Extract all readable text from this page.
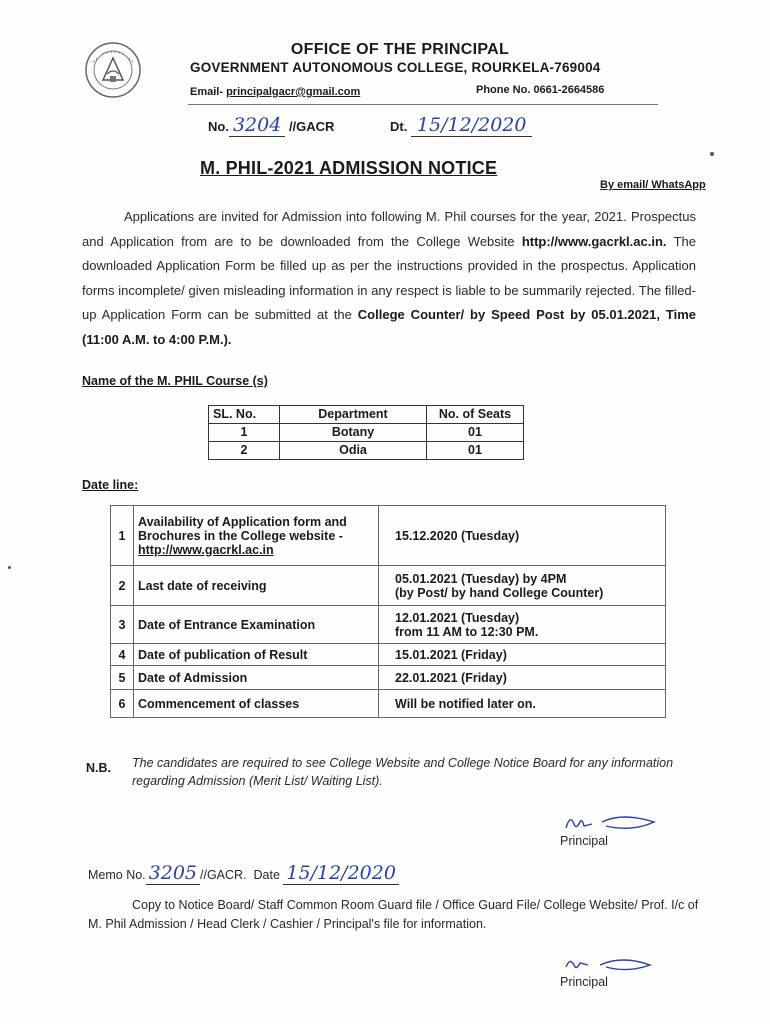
OFFICE OF THE PRINCIPAL
GOVERNMENT AUTONOMOUS COLLEGE, ROURKELA-769004
Email- principalgacr@gmail.com	Phone No. 0661-2664586
No. 3204 //GACR	Dt. 15/12/2020
M. PHIL-2021 ADMISSION NOTICE
By email/ WhatsApp
Applications are invited for Admission into following M. Phil courses for the year, 2021. Prospectus and Application from are to be downloaded from the College Website http://www.gacrkl.ac.in. The downloaded Application Form be filled up as per the instructions provided in the prospectus. Application forms incomplete/ given misleading information in any respect is liable to be summarily rejected. The filled-up Application Form can be submitted at the College Counter/ by Speed Post by 05.01.2021, Time (11:00 A.M. to 4:00 P.M.).
Name of the M. PHIL Course (s)
SL. No.	Department	No. of Seats
1	Botany	01
2	Odia	01
Date line:
1	Availability of Application form and Brochures in the College website -
http://www.gacrkl.ac.in	15.12.2020 (Tuesday)
2	Last date of receiving	05.01.2021 (Tuesday) by 4PM
(by Post/ by hand College Counter)
3	Date of Entrance Examination	12.01.2021 (Tuesday)
from 11 AM to 12:30 PM.
4	Date of publication of Result	15.01.2021 (Friday)
5	Date of Admission	22.01.2021 (Friday)
6	Commencement of classes	Will be notified later on.
N.B. The candidates are required to see College Website and College Notice Board for any information regarding Admission (Merit List/ Waiting List).
Principal
Memo No. 3205 //GACR. Date 15/12/2020
Copy to Notice Board/ Staff Common Room Guard file / Office Guard File/ College Website/ Prof. I/c of M. Phil Admission / Head Clerk / Cashier / Principal's file for information.
Principal
